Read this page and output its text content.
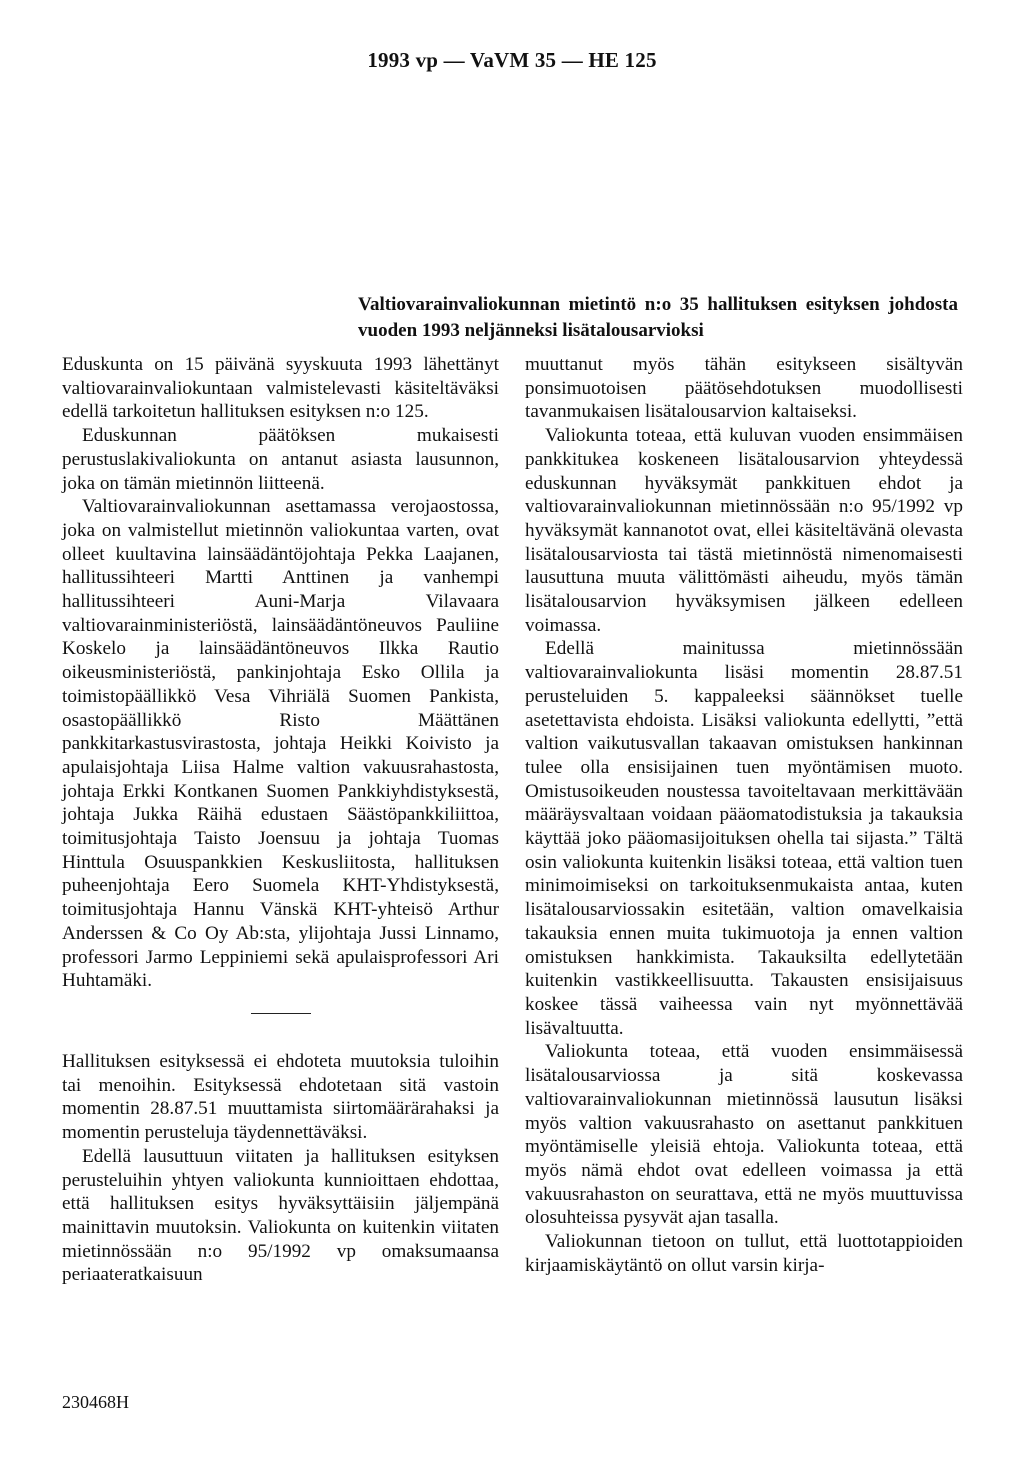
1993 vp — VaVM 35 — HE 125
Valtiovarainvaliokunnan mietintö n:o 35 hallituksen esityksen johdosta vuoden 1993 neljänneksi lisätalousarvioksi

Eduskunta on 15 päivänä syyskuuta 1993 lähettänyt valtiovarainvaliokuntaan valmistelevasti käsiteltäväksi edellä tarkoitetun hallituksen esityksen n:o 125.

Eduskunnan päätöksen mukaisesti perustuslakivaliokunta on antanut asiasta lausunnon, joka on tämän mietinnön liitteenä.

Valtiovarainvaliokunnan asettamassa verojaostossa, joka on valmistellut mietinnön valiokuntaa varten, ovat olleet kuultavina lainsäädäntöjohtaja Pekka Laajanen, hallitussihteeri Martti Anttinen ja vanhempi hallitussihteeri Auni-Marja Vilavaara valtiovarainministeriöstä, lainsäädäntöneuvos Pauliine Koskelo ja lainsäädäntöneuvos Ilkka Rautio oikeusministeriöstä, pankinjohtaja Esko Ollila ja toimistopäällikkö Vesa Vihriälä Suomen Pankista, osastopäällikkö Risto Määttänen pankkitarkastusvirastosta, johtaja Heikki Koivisto ja apulaisjohtaja Liisa Halme valtion vakuusrahastosta, johtaja Erkki Kontkanen Suomen Pankkiyhdistyksestä, johtaja Jukka Räihä edustaen Säästöpankkiliittoa, toimitusjohtaja Taisto Joensuu ja johtaja Tuomas Hinttula Osuuspankkien Keskusliitosta, hallituksen puheenjohtaja Eero Suomela KHT-Yhdistyksestä, toimitusjohtaja Hannu Vänskä KHT-yhteisö Arthur Anderssen & Co Oy Ab:sta, ylijohtaja Jussi Linnamo, professori Jarmo Leppiniemi sekä apulaisprofessori Ari Huhtamäki.

Hallituksen esityksessä ei ehdoteta muutoksia tuloihin tai menoihin. Esityksessä ehdotetaan sitä vastoin momentin 28.87.51 muuttamista siirtomäärärahaksi ja momentin perusteluja täydennettäväksi.

Edellä lausuttuun viitaten ja hallituksen esityksen perusteluihin yhtyen valiokunta kunnioittaen ehdottaa, että hallituksen esitys hyväksyttäisiin jäljempänä mainittavin muutoksin. Valiokunta on kuitenkin viitaten mietinnössään n:o 95/1992 vp omaksumaansa periaateratkaisuun

muuttanut myös tähän esitykseen sisältyvän ponsimuotoisen päätösehdotuksen muodollisesti tavanmukaisen lisätalousarvion kaltaiseksi.

Valiokunta toteaa, että kuluvan vuoden ensimmäisen pankkitukea koskeneen lisätalousarvion yhteydessä eduskunnan hyväksymät pankkituen ehdot ja valtiovarainvaliokunnan mietinnössään n:o 95/1992 vp hyväksymät kannanotot ovat, ellei käsiteltävänä olevasta lisätalousarviosta tai tästä mietinnöstä nimenomaisesti lausuttuna muuta välittömästi aiheudu, myös tämän lisätalousarvion hyväksymisen jälkeen edelleen voimassa.

Edellä mainitussa mietinnössään valtiovarainvaliokunta lisäsi momentin 28.87.51 perusteluiden 5. kappaleeksi säännökset tuelle asetettavista ehdoista. Lisäksi valiokunta edellytti, ”että valtion vaikutusvallan takaavan omistuksen hankinnan tulee olla ensisijainen tuen myöntämisen muoto. Omistusoikeuden noustessa tavoiteltavaan merkittävään määräysvaltaan voidaan pääomatodistuksia ja takauksia käyttää joko pääomasijoituksen ohella tai sijasta.” Tältä osin valiokunta kuitenkin lisäksi toteaa, että valtion tuen minimoimiseksi on tarkoituksenmukaista antaa, kuten lisätalousarviossakin esitetään, valtion omavelkaisia takauksia ennen muita tukimuotoja ja ennen valtion omistuksen hankkimista. Takauksilta edellytetään kuitenkin vastikkeellisuutta. Takausten ensisijaisuus koskee tässä vaiheessa vain nyt myönnettävää lisävaltuutta.

Valiokunta toteaa, että vuoden ensimmäisessä lisätalousarviossa ja sitä koskevassa valtiovarainvaliokunnan mietinnössä lausutun lisäksi myös valtion vakuusrahasto on asettanut pankkituen myöntämiselle yleisiä ehtoja. Valiokunta toteaa, että myös nämä ehdot ovat edelleen voimassa ja että vakuusrahaston on seurattava, että ne myös muuttuvissa olosuhteissa pysyvät ajan tasalla.

Valiokunnan tietoon on tullut, että luottotappioiden kirjaamiskäytäntö on ollut varsin kirja-

230468H
